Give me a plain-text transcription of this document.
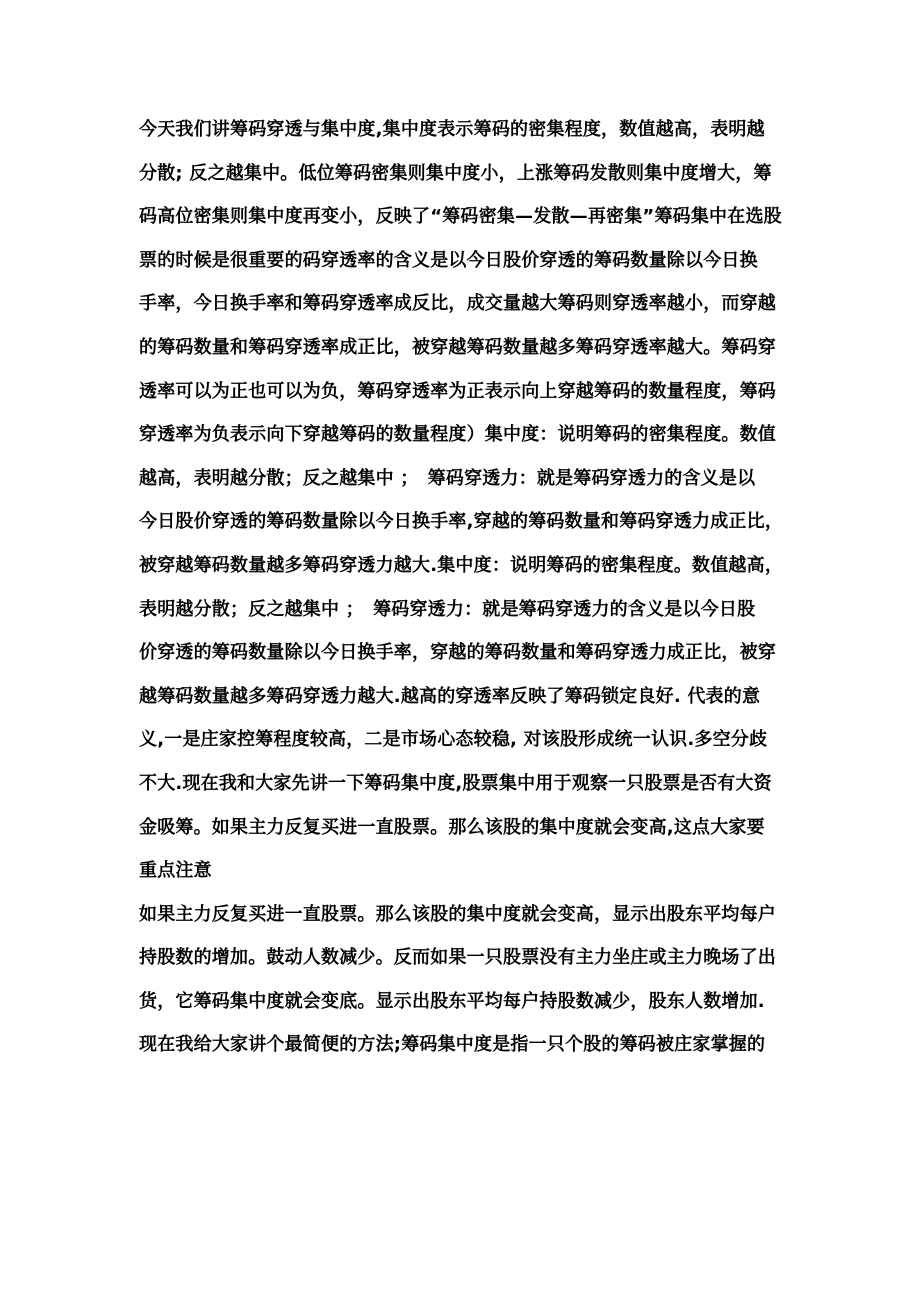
今天我们讲筹码穿透与集中度,集中度表示筹码的密集程度，数值越高，表明越
分散; 反之越集中。低位筹码密集则集中度小，上涨筹码发散则集中度增大，筹
码高位密集则集中度再变小，反映了“筹码密集—发散—再密集”筹码集中在选股
票的时候是很重要的码穿透率的含义是以今日股价穿透的筹码数量除以今日换
手率，今日换手率和筹码穿透率成反比，成交量越大筹码则穿透率越小，而穿越
的筹码数量和筹码穿透率成正比，被穿越筹码数量越多筹码穿透率越大。筹码穿
透率可以为正也可以为负，筹码穿透率为正表示向上穿越筹码的数量程度，筹码
穿透率为负表示向下穿越筹码的数量程度）集中度：说明筹码的密集程度。数值
越高，表明越分散；反之越集中 ；　筹码穿透力：就是筹码穿透力的含义是以
今日股价穿透的筹码数量除以今日换手率,穿越的筹码数量和筹码穿透力成正比，
被穿越筹码数量越多筹码穿透力越大.集中度：说明筹码的密集程度。数值越高，
表明越分散；反之越集中 ；　筹码穿透力：就是筹码穿透力的含义是以今日股
价穿透的筹码数量除以今日换手率，穿越的筹码数量和筹码穿透力成正比，被穿
越筹码数量越多筹码穿透力越大.越高的穿透率反映了筹码锁定良好. 代表的意
义,一是庄家控筹程度较高，二是市场心态较稳, 对该股形成统一认识.多空分歧
不大.现在我和大家先讲一下筹码集中度,股票集中用于观察一只股票是否有大资
金吸筹。如果主力反复买进一直股票。那么该股的集中度就会变高,这点大家要
重点注意
如果主力反复买进一直股票。那么该股的集中度就会变高，显示出股东平均每户
持股数的增加。鼓动人数减少。反而如果一只股票没有主力坐庄或主力晚场了出
货，它筹码集中度就会变底。显示出股东平均每户持股数减少，股东人数增加.
现在我给大家讲个最简便的方法;筹码集中度是指一只个股的筹码被庄家掌握的
